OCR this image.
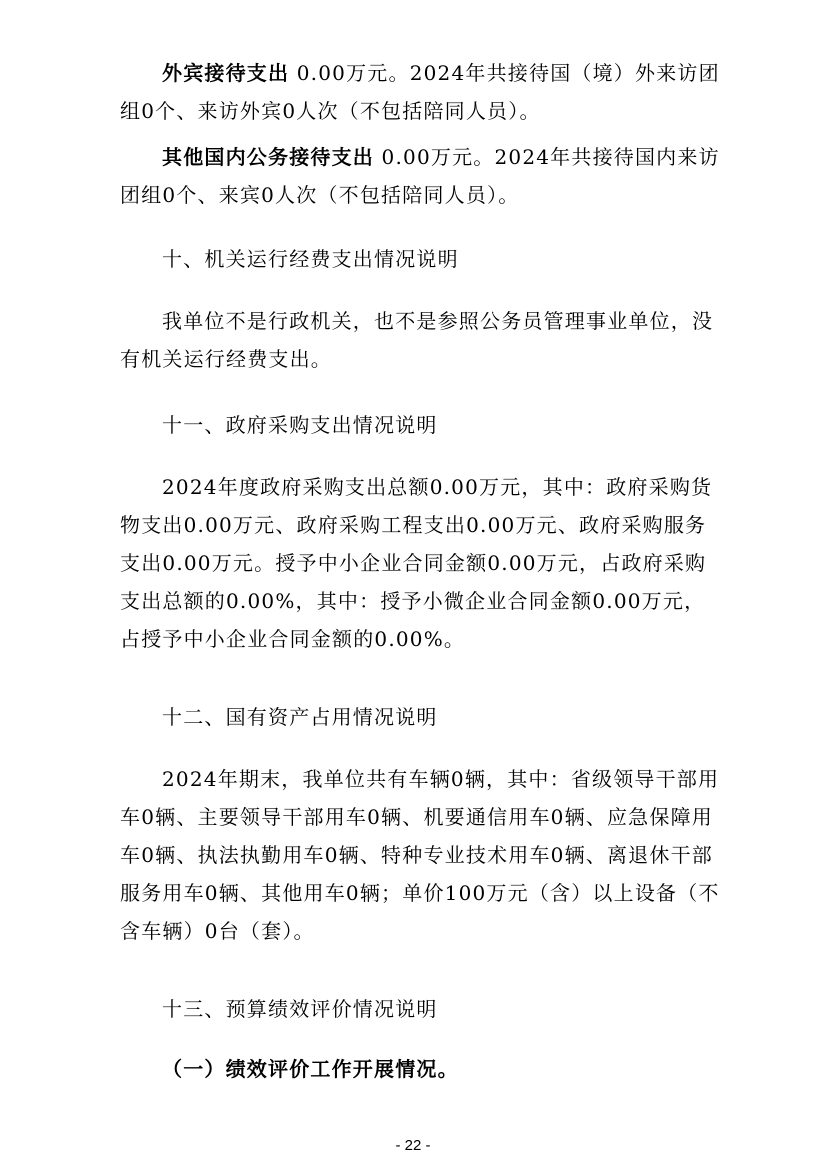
外宾接待支出 0.00万元。2024年共接待国（境）外来访团组0个、来访外宾0人次（不包括陪同人员）。

其他国内公务接待支出 0.00万元。2024年共接待国内来访团组0个、来宾0人次（不包括陪同人员）。

十、机关运行经费支出情况说明

我单位不是行政机关，也不是参照公务员管理事业单位，没有机关运行经费支出。

十一、政府采购支出情况说明

2024年度政府采购支出总额0.00万元，其中：政府采购货物支出0.00万元、政府采购工程支出0.00万元、政府采购服务支出0.00万元。授予中小企业合同金额0.00万元，占政府采购支出总额的0.00%，其中：授予小微企业合同金额0.00万元，占授予中小企业合同金额的0.00%。

十二、国有资产占用情况说明

2024年期末，我单位共有车辆0辆，其中：省级领导干部用车0辆、主要领导干部用车0辆、机要通信用车0辆、应急保障用车0辆、执法执勤用车0辆、特种专业技术用车0辆、离退休干部服务用车0辆、其他用车0辆；单价100万元（含）以上设备（不含车辆）0台（套）。

十三、预算绩效评价情况说明
（一）绩效评价工作开展情况。
- 22 -
